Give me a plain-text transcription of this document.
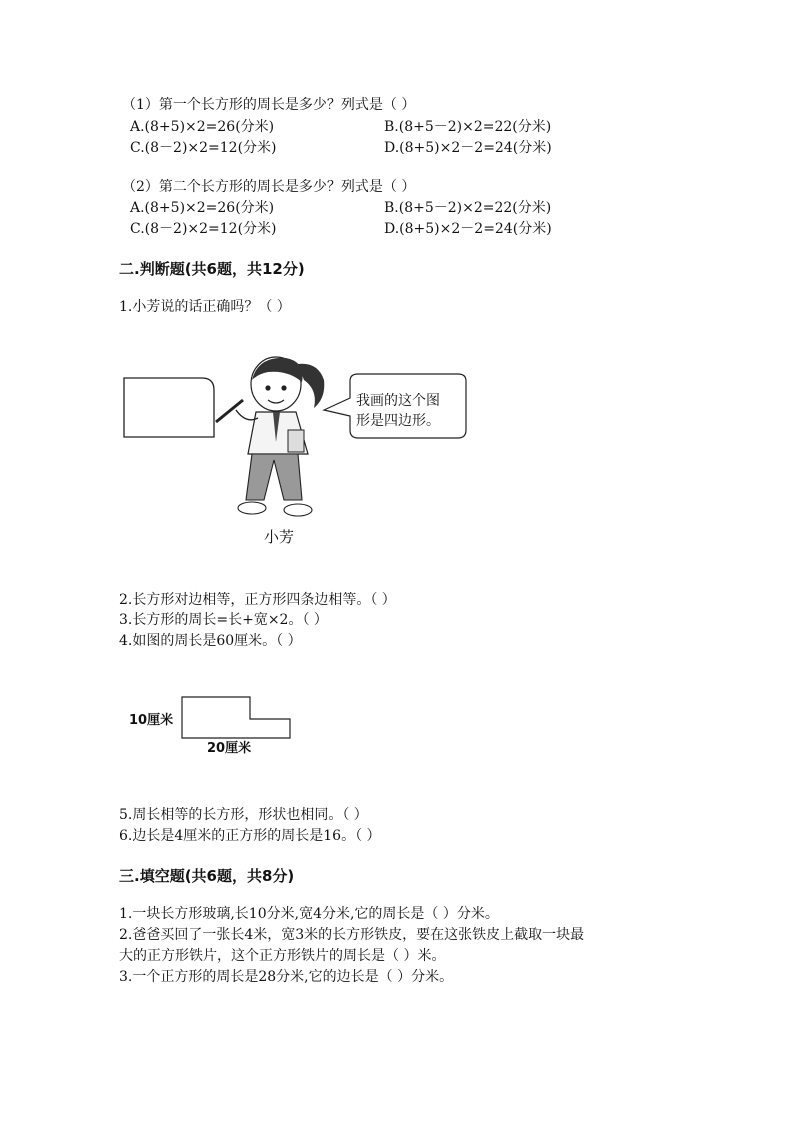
（1）第一个长方形的周长是多少？列式是（ ）
A.(8+5)×2=26(分米)	B.(8+5－2)×2=22(分米)
C.(8－2)×2=12(分米)	D.(8+5)×2－2=24(分米)
（2）第二个长方形的周长是多少？列式是（ ）
A.(8+5)×2=26(分米)	B.(8+5－2)×2=22(分米)
C.(8－2)×2=12(分米)	D.(8+5)×2－2=24(分米)
二.判断题(共6题，共12分)
1.小芳说的话正确吗？（ ）
我画的这个图
形是四边形。
小芳
2.长方形对边相等，正方形四条边相等。（ ）
3.长方形的周长=长+宽×2。（ ）
4.如图的周长是60厘米。（ ）
10厘米
20厘米
5.周长相等的长方形，形状也相同。（ ）
6.边长是4厘米的正方形的周长是16。（ ）
三.填空题(共6题，共8分)
1.一块长方形玻璃,长10分米,宽4分米,它的周长是（ ）分米。
2.爸爸买回了一张长4米，宽3米的长方形铁皮，要在这张铁皮上截取一块最
大的正方形铁片，这个正方形铁片的周长是（ ）米。
3.一个正方形的周长是28分米,它的边长是（ ）分米。
